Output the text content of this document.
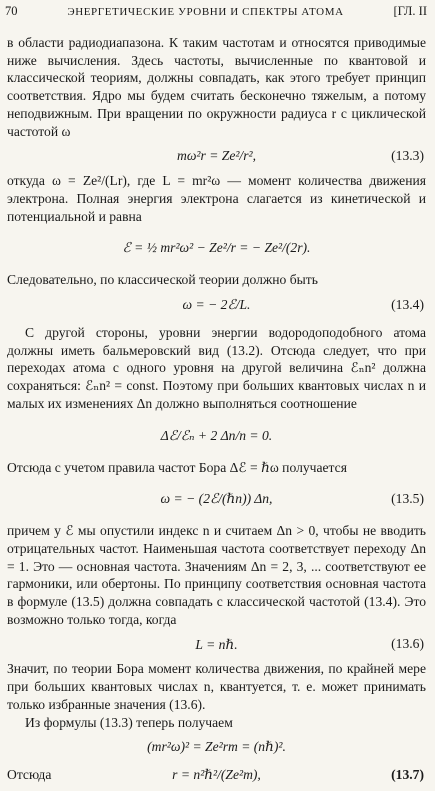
70	ЭНЕРГЕТИЧЕСКИЕ УРОВНИ И СПЕКТРЫ АТОМА	[ГЛ. II

в области радиодиапазона. К таким частотам и относятся приводимые ниже вычисления. Здесь частоты, вычисленные по квантовой и классической теориям, должны совпадать, как этого требует принцип соответствия. Ядро мы будем считать бесконечно тяжелым, а потому неподвижным. При вращении по окружности радиуса r с циклической частотой ω

mω²r = Ze²/r²,	(13.3)

откуда ω = Ze²/(Lr), где L = mr²ω — момент количества движения электрона. Полная энергия электрона слагается из кинетической и потенциальной и равна

ℰ = ½ mr²ω² − Ze²/r = − Ze²/(2r).

Следовательно, по классической теории должно быть

ω = − 2ℰ/L.	(13.4)

С другой стороны, уровни энергии водородоподобного атома должны иметь бальмеровский вид (13.2). Отсюда следует, что при переходах атома с одного уровня на другой величина ℰₙn² должна сохраняться: ℰₙn² = const. Поэтому при больших квантовых числах n и малых их изменениях Δn должно выполняться соотношение

Δℰ/ℰₙ + 2 Δn/n = 0.

Отсюда с учетом правила частот Бора Δℰ = ℏω получается

ω = − (2ℰ/(ℏn)) Δn,	(13.5)

причем у ℰ мы опустили индекс n и считаем Δn > 0, чтобы не вводить отрицательных частот. Наименьшая частота соответствует переходу Δn = 1. Это — основная частота. Значениям Δn = 2, 3, ... соответствуют ее гармоники, или обертоны. По принципу соответствия основная частота в формуле (13.5) должна совпадать с классической частотой (13.4). Это возможно только тогда, когда

L = nℏ.	(13.6)

Значит, по теории Бора момент количества движения, по крайней мере при больших квантовых числах n, квантуется, т. е. может принимать только избранные значения (13.6).

Из формулы (13.3) теперь получаем

(mr²ω)² = Ze²rm = (nℏ)².
Отсюда	r = n²ℏ²/(Ze²m),	(13.7)
